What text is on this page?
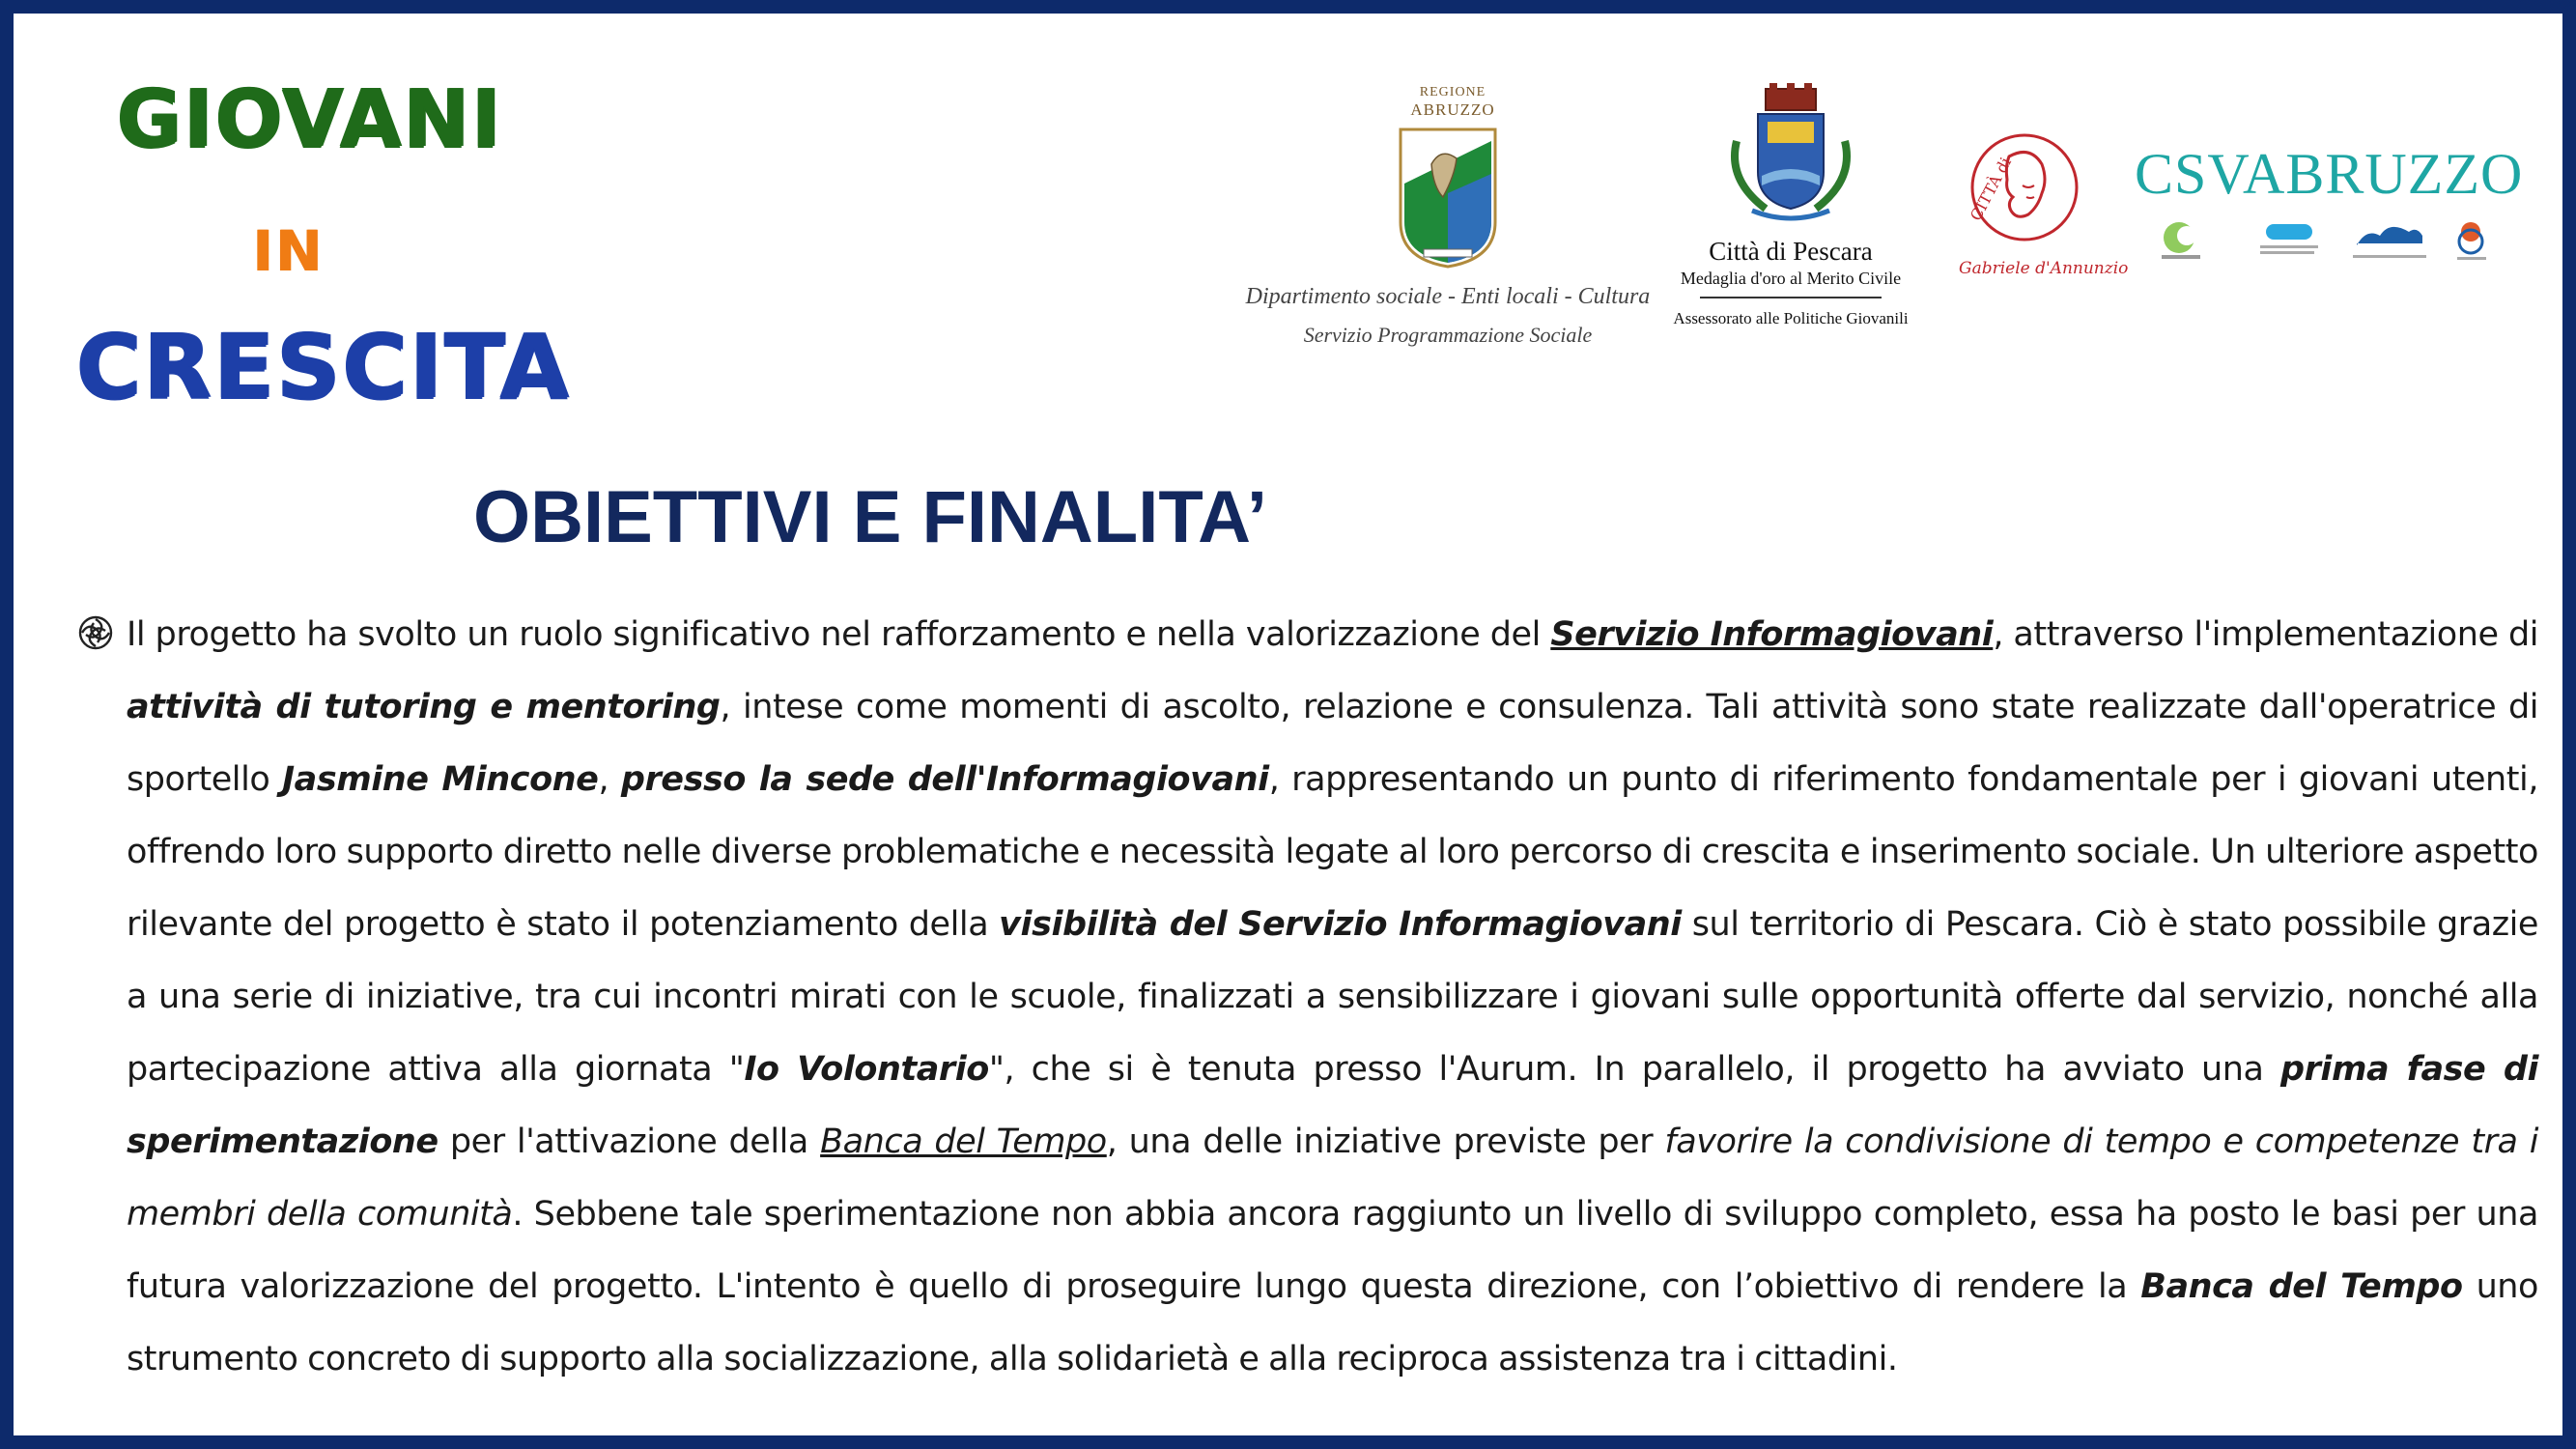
GIOVANI

IN

CRESCITA

REGIONE

ABRUZZO

Dipartimento sociale - Enti locali - Cultura

Servizio Programmazione Sociale

Città di Pescara

Medaglia d'oro al Merito Civile

Assessorato alle Politiche Giovanili

CITTÀ di

Gabriele d'Annunzio

CSVABRUZZO

OBIETTIVI E FINALITA’

Il progetto ha svolto un ruolo significativo nel rafforzamento e nella valorizzazione del Servizio Informagiovani, attraverso l'implementazione di attività di tutoring e mentoring, intese come momenti di ascolto, relazione e consulenza. Tali attività sono state realizzate dall'operatrice di sportello Jasmine Mincone, presso la sede dell'Informagiovani, rappresentando un punto di riferimento fondamentale per i giovani utenti, offrendo loro supporto diretto nelle diverse problematiche e necessità legate al loro percorso di crescita e inserimento sociale. Un ulteriore aspetto rilevante del progetto è stato il potenziamento della visibilità del Servizio Informagiovani sul territorio di Pescara. Ciò è stato possibile grazie a una serie di iniziative, tra cui incontri mirati con le scuole, finalizzati a sensibilizzare i giovani sulle opportunità offerte dal servizio, nonché alla partecipazione attiva alla giornata "Io Volontario", che si è tenuta presso l'Aurum. In parallelo, il progetto ha avviato una prima fase di sperimentazione per l'attivazione della Banca del Tempo, una delle iniziative previste per favorire la condivisione di tempo e competenze tra i membri della comunità. Sebbene tale sperimentazione non abbia ancora raggiunto un livello di sviluppo completo, essa ha posto le basi per una futura valorizzazione del progetto. L'intento è quello di proseguire lungo questa direzione, con l’obiettivo di rendere la Banca del Tempo uno strumento concreto di supporto alla socializzazione, alla solidarietà e alla reciproca assistenza tra i cittadini.
